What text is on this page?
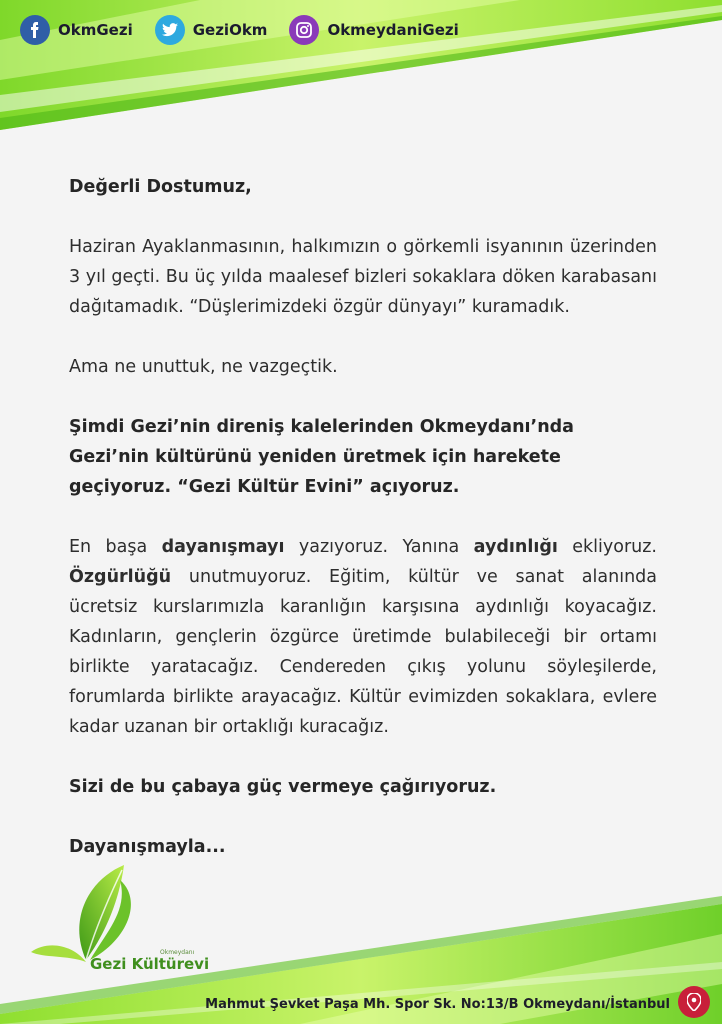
OkmGezi	GeziOkm	OkmeydaniGezi

Değerli Dostumuz,

Haziran Ayaklanmasının, halkımızın o görkemli isyanının üzerinden 3 yıl geçti. Bu üç yılda maalesef bizleri sokaklara döken karabasanı dağıtamadık. “Düşlerimizdeki özgür dünyayı” kuramadık.

Ama ne unuttuk, ne vazgeçtik.

Şimdi Gezi’nin direniş kalelerinden Okmeydanı’nda Gezi’nin kültürünü yeniden üretmek için harekete geçiyoruz. “Gezi Kültür Evini” açıyoruz.

En başa dayanışmayı yazıyoruz. Yanına aydınlığı ekliyoruz. Özgürlüğü unutmuyoruz. Eğitim, kültür ve sanat alanında ücretsiz kurslarımızla karanlığın karşısına aydınlığı koyacağız. Kadınların, gençlerin özgürce üretimde bulabileceği bir ortamı birlikte yaratacağız. Cendereden çıkış yolunu söyleşilerde, forumlarda birlikte arayacağız. Kültür evimizden sokaklara, evlere kadar uzanan bir ortaklığı kuracağız.

Sizi de bu çabaya güç vermeye çağırıyoruz.

Dayanışmayla...

Okmeydanı
Gezi Kültürevi
Mahmut Şevket Paşa Mh. Spor Sk. No:13/B Okmeydanı/İstanbul
